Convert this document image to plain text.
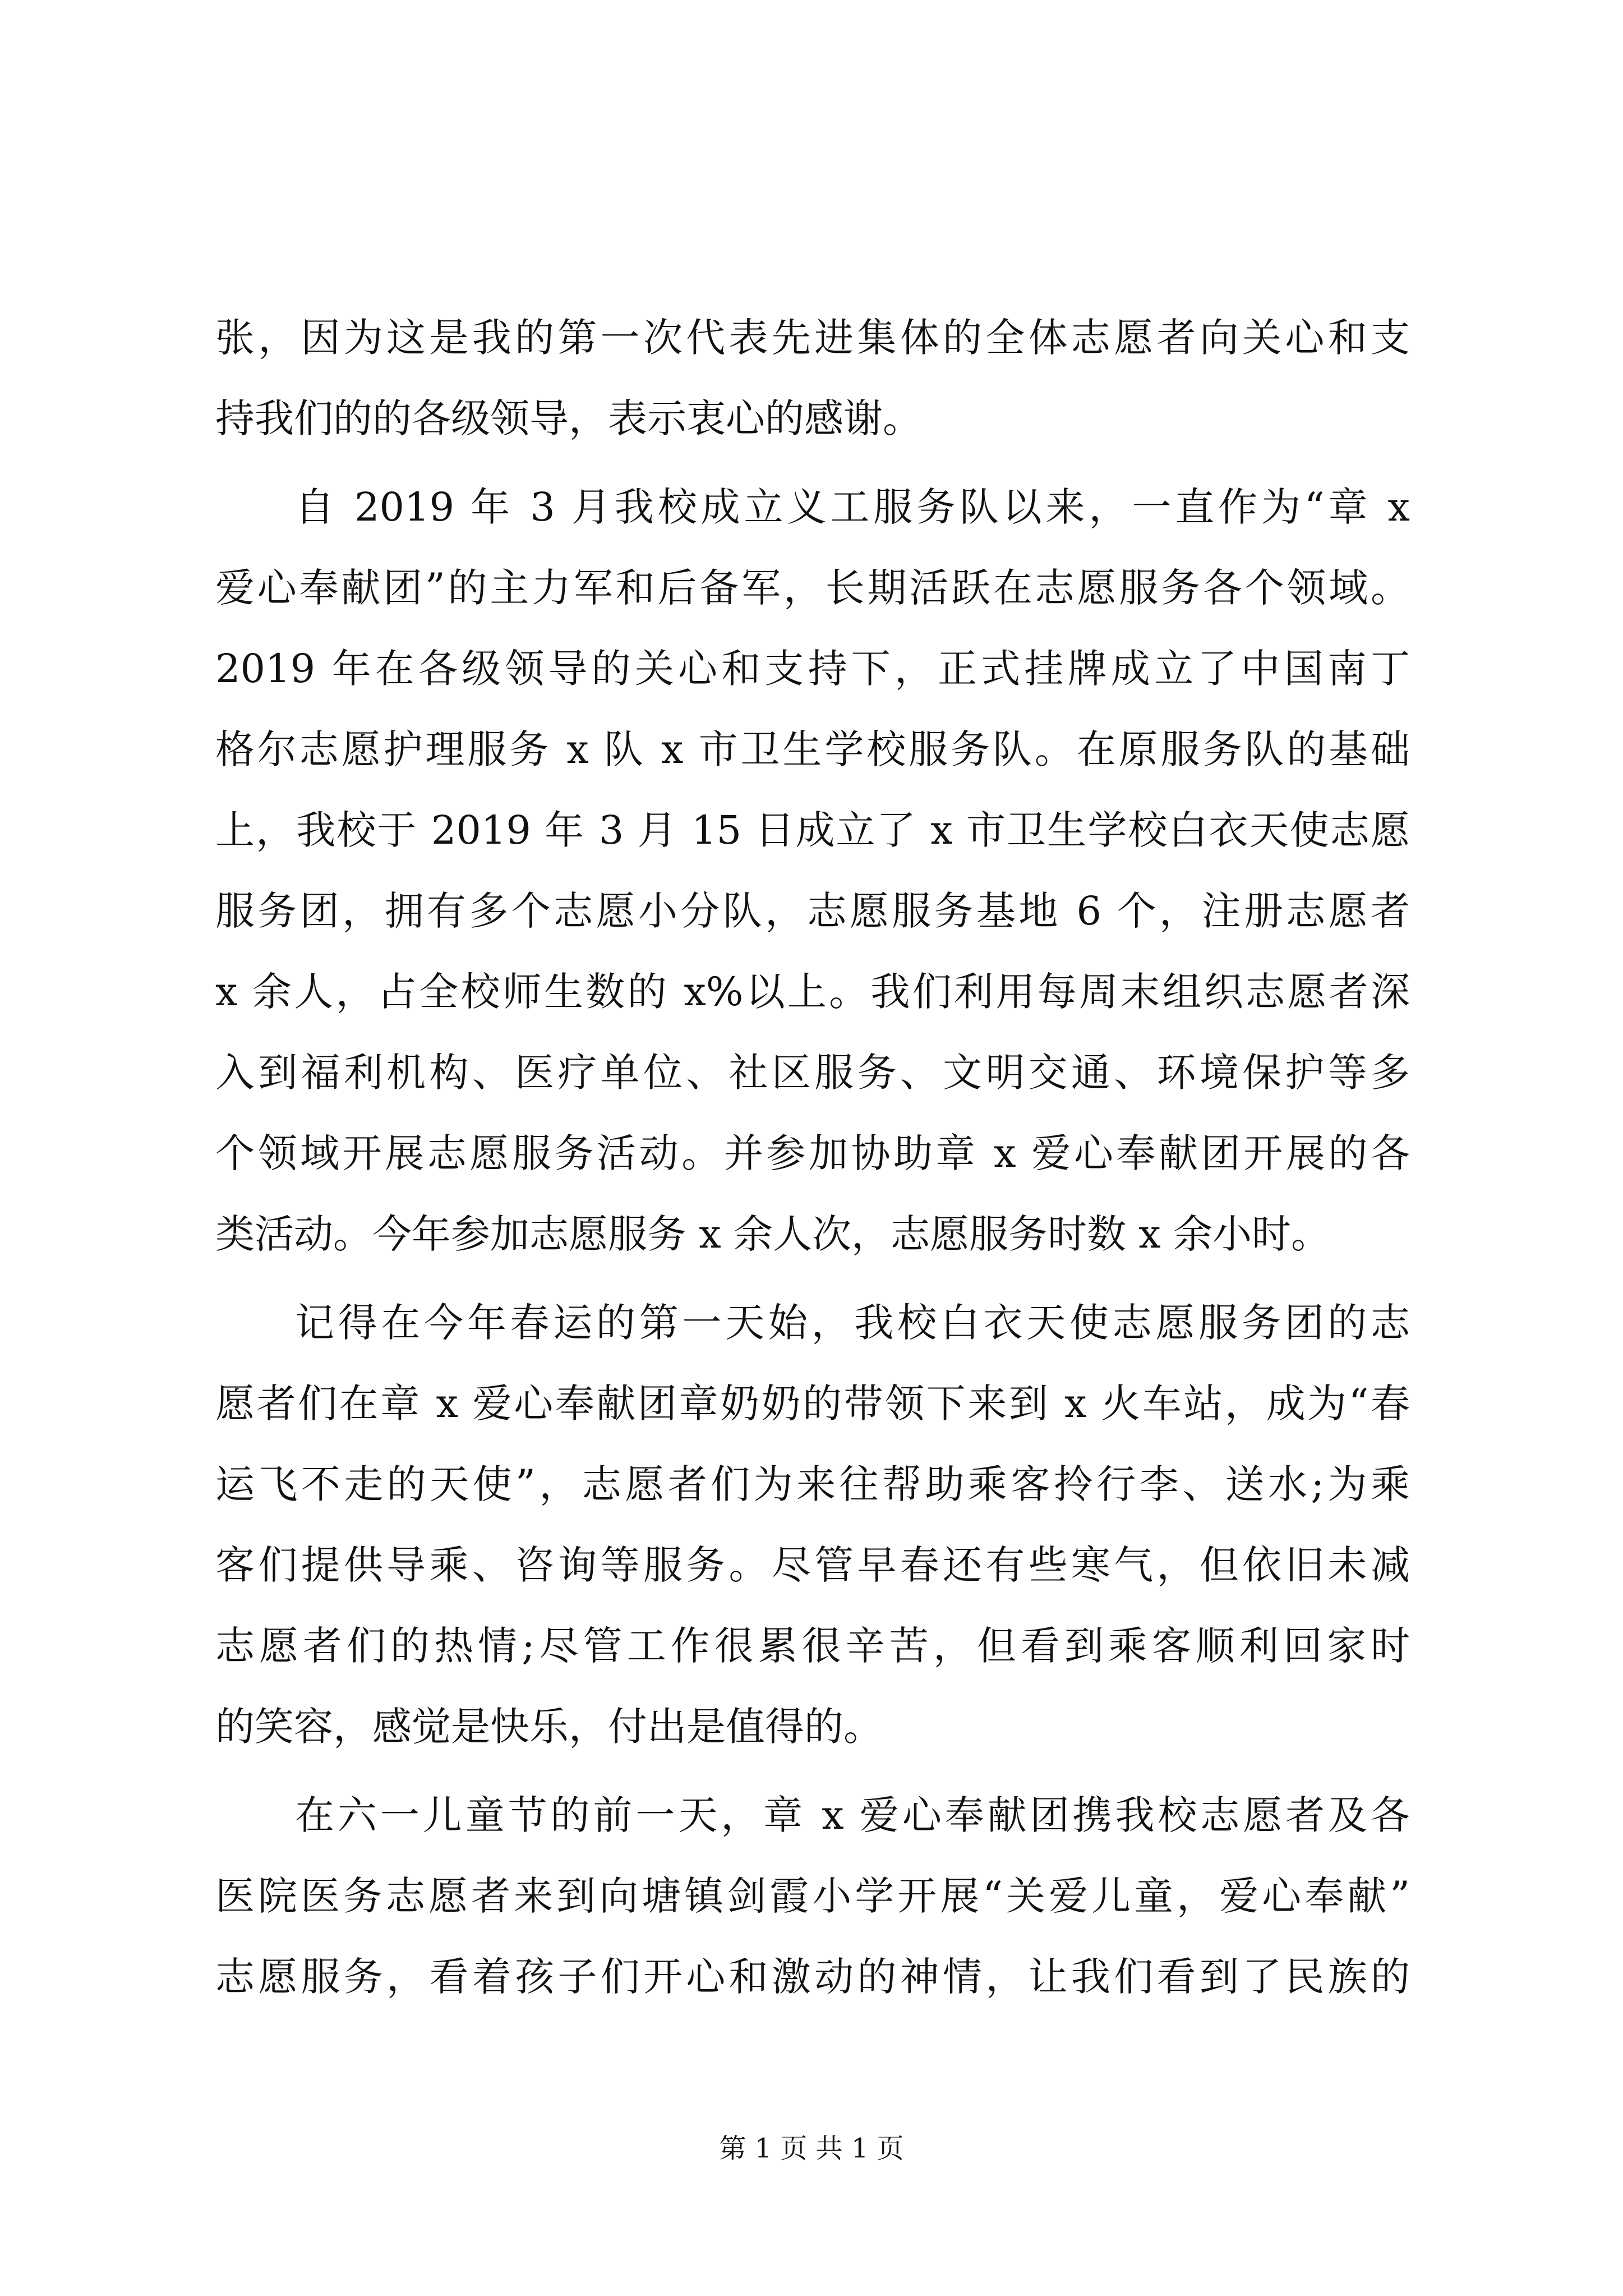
张，因为这是我的第一次代表先进集体的全体志愿者向关心和支
持我们的的各级领导，表示衷心的感谢。
自 2019 年 3 月我校成立义工服务队以来，一直作为“章 x
爱心奉献团”的主力军和后备军，长期活跃在志愿服务各个领域。
2019 年在各级领导的关心和支持下，正式挂牌成立了中国南丁
格尔志愿护理服务 x 队 x 市卫生学校服务队。在原服务队的基础
上，我校于 2019 年 3 月 15 日成立了 x 市卫生学校白衣天使志愿
服务团，拥有多个志愿小分队，志愿服务基地 6 个，注册志愿者
x 余人，占全校师生数的 x%以上。我们利用每周末组织志愿者深
入到福利机构、医疗单位、社区服务、文明交通、环境保护等多
个领域开展志愿服务活动。并参加协助章 x 爱心奉献团开展的各
类活动。今年参加志愿服务 x 余人次，志愿服务时数 x 余小时。
记得在今年春运的第一天始，我校白衣天使志愿服务团的志
愿者们在章 x 爱心奉献团章奶奶的带领下来到 x 火车站，成为“春
运飞不走的天使”，志愿者们为来往帮助乘客拎行李、送水;为乘
客们提供导乘、咨询等服务。尽管早春还有些寒气，但依旧未减
志愿者们的热情;尽管工作很累很辛苦，但看到乘客顺利回家时
的笑容，感觉是快乐，付出是值得的。
在六一儿童节的前一天，章 x 爱心奉献团携我校志愿者及各
医院医务志愿者来到向塘镇剑霞小学开展“关爱儿童，爱心奉献”
志愿服务，看着孩子们开心和激动的神情，让我们看到了民族的
第 1 页 共 1 页
